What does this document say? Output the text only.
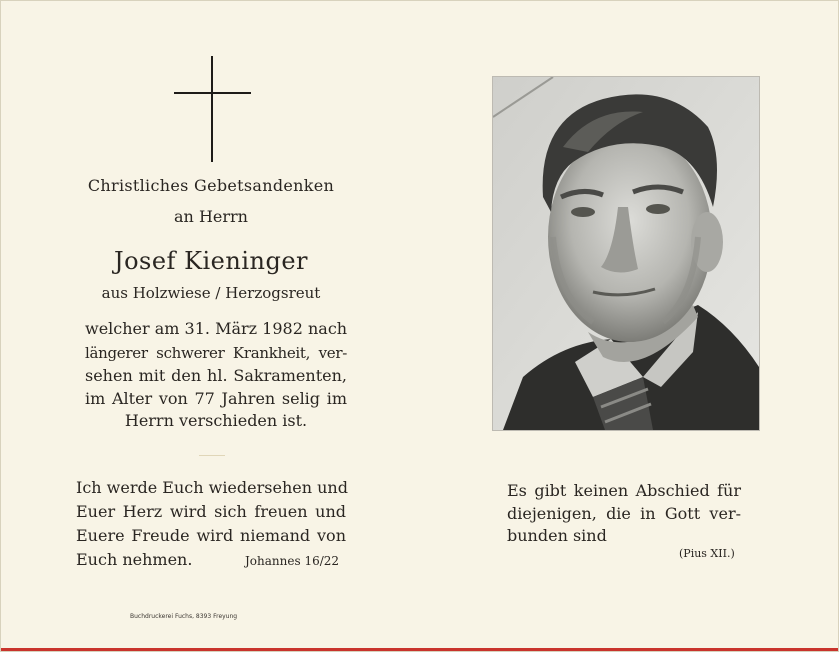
Christliches Gebetsandenken
an Herrn
Josef Kieninger
aus Holzwiese / Herzogsreut
welcher am 31. März 1982 nach
längerer schwerer Krankheit, ver-
sehen mit den hl. Sakramenten,
im Alter von 77 Jahren selig im
Herrn verschieden ist.
Ich werde Euch wiedersehen und
Euer Herz wird sich freuen und
Euere Freude wird niemand von
Euch nehmen.	Johannes 16/22
Es gibt keinen Abschied für
diejenigen, die in Gott ver-
bunden sind
(Pius XII.)
Buchdruckerei Fuchs, 8393 Freyung
